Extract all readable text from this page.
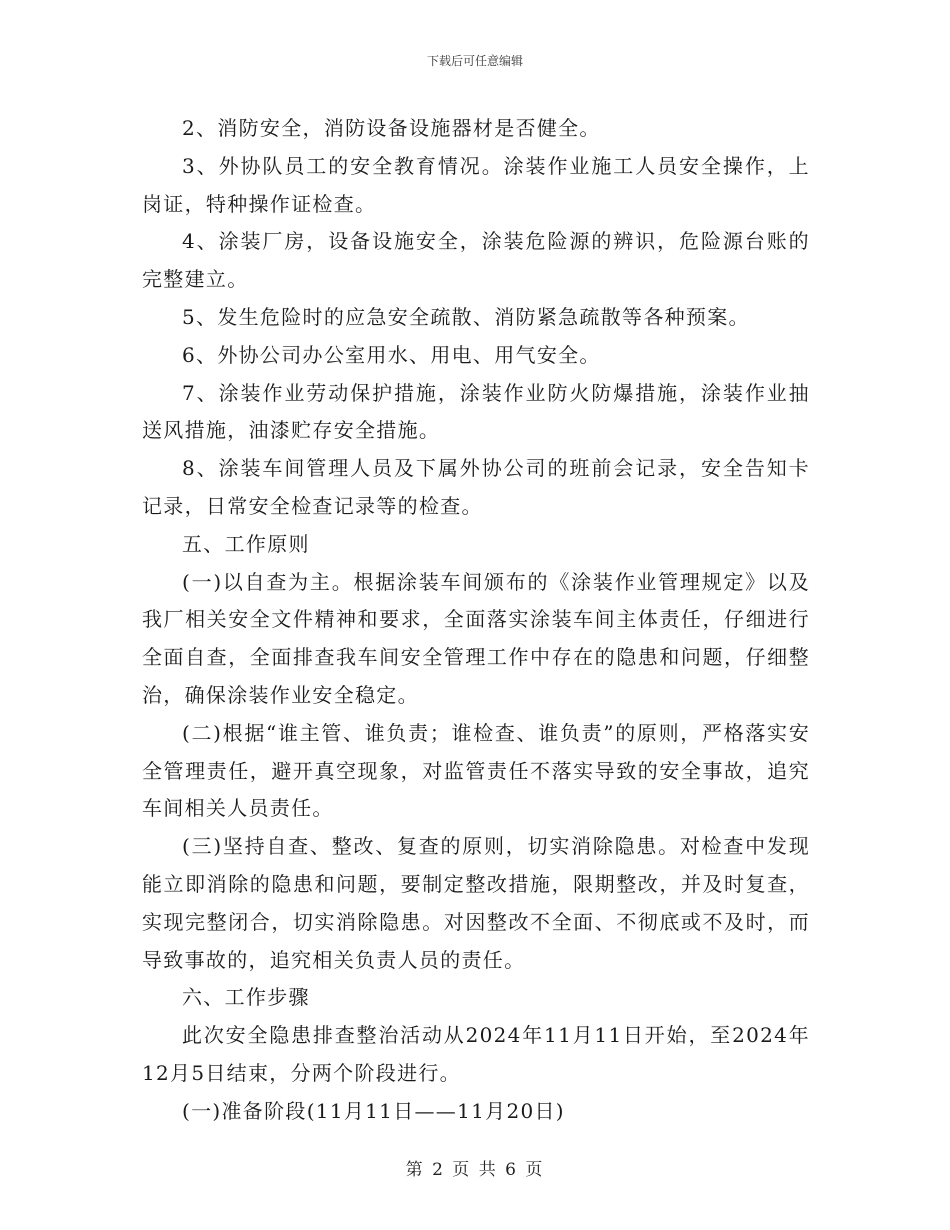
下载后可任意编辑

2、消防安全，消防设备设施器材是否健全。

3、外协队员工的安全教育情况。涂装作业施工人员安全操作，上岗证，特种操作证检查。

4、涂装厂房，设备设施安全，涂装危险源的辨识，危险源台账的完整建立。

5、发生危险时的应急安全疏散、消防紧急疏散等各种预案。

6、外协公司办公室用水、用电、用气安全。

7、涂装作业劳动保护措施，涂装作业防火防爆措施，涂装作业抽送风措施，油漆贮存安全措施。

8、涂装车间管理人员及下属外协公司的班前会记录，安全告知卡记录，日常安全检查记录等的检查。

五、工作原则

(一)以自查为主。根据涂装车间颁布的《涂装作业管理规定》以及我厂相关安全文件精神和要求，全面落实涂装车间主体责任，仔细进行全面自查，全面排查我车间安全管理工作中存在的隐患和问题，仔细整治，确保涂装作业安全稳定。

(二)根据“谁主管、谁负责；谁检查、谁负责”的原则，严格落实安全管理责任，避开真空现象，对监管责任不落实导致的安全事故，追究车间相关人员责任。

(三)坚持自查、整改、复查的原则，切实消除隐患。对检查中发现能立即消除的隐患和问题，要制定整改措施，限期整改，并及时复查，实现完整闭合，切实消除隐患。对因整改不全面、不彻底或不及时，而导致事故的，追究相关负责人员的责任。

六、工作步骤

此次安全隐患排查整治活动从2024年11月11日开始，至2024年12月5日结束，分两个阶段进行。

(一)准备阶段(11月11日——11月20日)

第 2 页 共 6 页
